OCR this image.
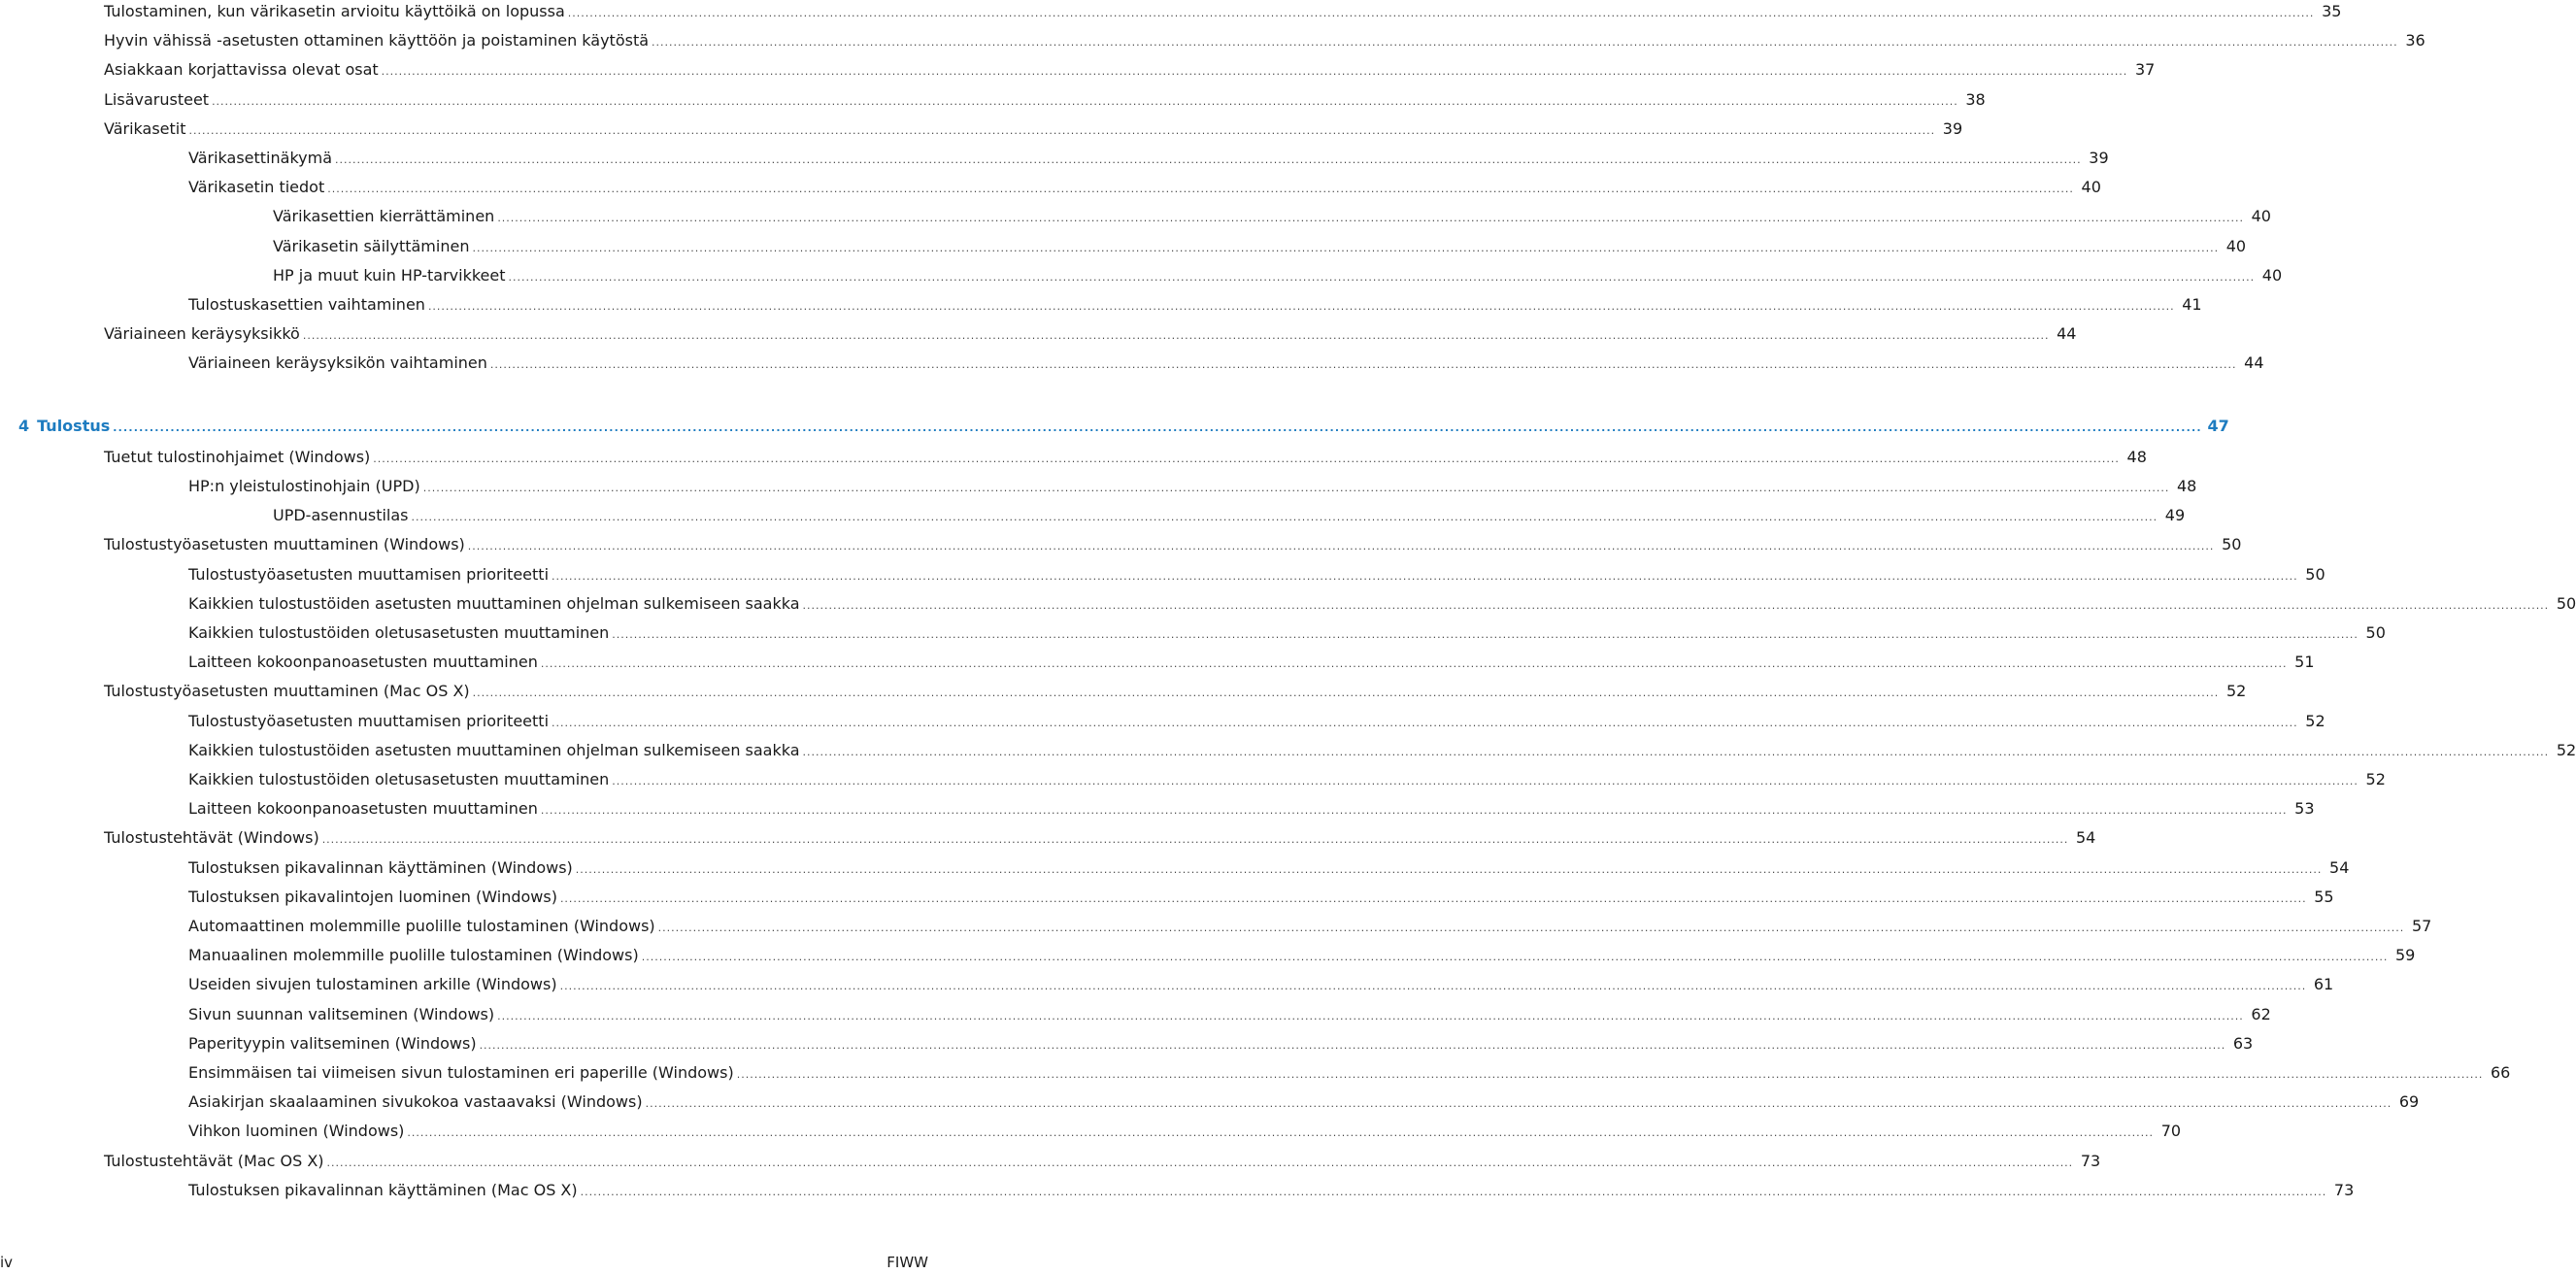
Tulostaminen, kun värikasetin arvioitu käyttöikä on lopussa ................................................................................................................................................................................................................................................................................................................................................................................................................ 35
Hyvin vähissä -asetusten ottaminen käyttöön ja poistaminen käytöstä ................................................................................................................................................................................................................................................................................................................................................................................................................ 36
Asiakkaan korjattavissa olevat osat ................................................................................................................................................................................................................................................................................................................................................................................................................ 37
Lisävarusteet ................................................................................................................................................................................................................................................................................................................................................................................................................ 38
Värikasetit ................................................................................................................................................................................................................................................................................................................................................................................................................ 39
Värikasettinäkymä ................................................................................................................................................................................................................................................................................................................................................................................................................ 39
Värikasetin tiedot ................................................................................................................................................................................................................................................................................................................................................................................................................ 40
Värikasettien kierrättäminen ................................................................................................................................................................................................................................................................................................................................................................................................................ 40
Värikasetin säilyttäminen ................................................................................................................................................................................................................................................................................................................................................................................................................ 40
HP ja muut kuin HP-tarvikkeet ................................................................................................................................................................................................................................................................................................................................................................................................................ 40
Tulostuskasettien vaihtaminen ................................................................................................................................................................................................................................................................................................................................................................................................................ 41
Väriaineen keräysyksikkö ................................................................................................................................................................................................................................................................................................................................................................................................................ 44
Väriaineen keräysyksikön vaihtaminen ................................................................................................................................................................................................................................................................................................................................................................................................................ 44
4 Tulostus ................................................................................................................................................................................................................................................................................................................................................................................................................ 47
Tuetut tulostinohjaimet (Windows) ................................................................................................................................................................................................................................................................................................................................................................................................................ 48
HP:n yleistulostinohjain (UPD) ................................................................................................................................................................................................................................................................................................................................................................................................................ 48
UPD-asennustilas ................................................................................................................................................................................................................................................................................................................................................................................................................ 49
Tulostustyöasetusten muuttaminen (Windows) ................................................................................................................................................................................................................................................................................................................................................................................................................ 50
Tulostustyöasetusten muuttamisen prioriteetti ................................................................................................................................................................................................................................................................................................................................................................................................................ 50
Kaikkien tulostustöiden asetusten muuttaminen ohjelman sulkemiseen saakka ................................................................................................................................................................................................................................................................................................................................................................................................................ 50
Kaikkien tulostustöiden oletusasetusten muuttaminen ................................................................................................................................................................................................................................................................................................................................................................................................................ 50
Laitteen kokoonpanoasetusten muuttaminen ................................................................................................................................................................................................................................................................................................................................................................................................................ 51
Tulostustyöasetusten muuttaminen (Mac OS X) ................................................................................................................................................................................................................................................................................................................................................................................................................ 52
Tulostustyöasetusten muuttamisen prioriteetti ................................................................................................................................................................................................................................................................................................................................................................................................................ 52
Kaikkien tulostustöiden asetusten muuttaminen ohjelman sulkemiseen saakka ................................................................................................................................................................................................................................................................................................................................................................................................................ 52
Kaikkien tulostustöiden oletusasetusten muuttaminen ................................................................................................................................................................................................................................................................................................................................................................................................................ 52
Laitteen kokoonpanoasetusten muuttaminen ................................................................................................................................................................................................................................................................................................................................................................................................................ 53
Tulostustehtävät (Windows) ................................................................................................................................................................................................................................................................................................................................................................................................................ 54
Tulostuksen pikavalinnan käyttäminen (Windows) ................................................................................................................................................................................................................................................................................................................................................................................................................ 54
Tulostuksen pikavalintojen luominen (Windows) ................................................................................................................................................................................................................................................................................................................................................................................................................ 55
Automaattinen molemmille puolille tulostaminen (Windows) ................................................................................................................................................................................................................................................................................................................................................................................................................ 57
Manuaalinen molemmille puolille tulostaminen (Windows) ................................................................................................................................................................................................................................................................................................................................................................................................................ 59
Useiden sivujen tulostaminen arkille (Windows) ................................................................................................................................................................................................................................................................................................................................................................................................................ 61
Sivun suunnan valitseminen (Windows) ................................................................................................................................................................................................................................................................................................................................................................................................................ 62
Paperityypin valitseminen (Windows) ................................................................................................................................................................................................................................................................................................................................................................................................................ 63
Ensimmäisen tai viimeisen sivun tulostaminen eri paperille (Windows) ................................................................................................................................................................................................................................................................................................................................................................................................................ 66
Asiakirjan skaalaaminen sivukokoa vastaavaksi (Windows) ................................................................................................................................................................................................................................................................................................................................................................................................................ 69
Vihkon luominen (Windows) ................................................................................................................................................................................................................................................................................................................................................................................................................ 70
Tulostustehtävät (Mac OS X) ................................................................................................................................................................................................................................................................................................................................................................................................................ 73
Tulostuksen pikavalinnan käyttäminen (Mac OS X) ................................................................................................................................................................................................................................................................................................................................................................................................................ 73
iv	FIWW
